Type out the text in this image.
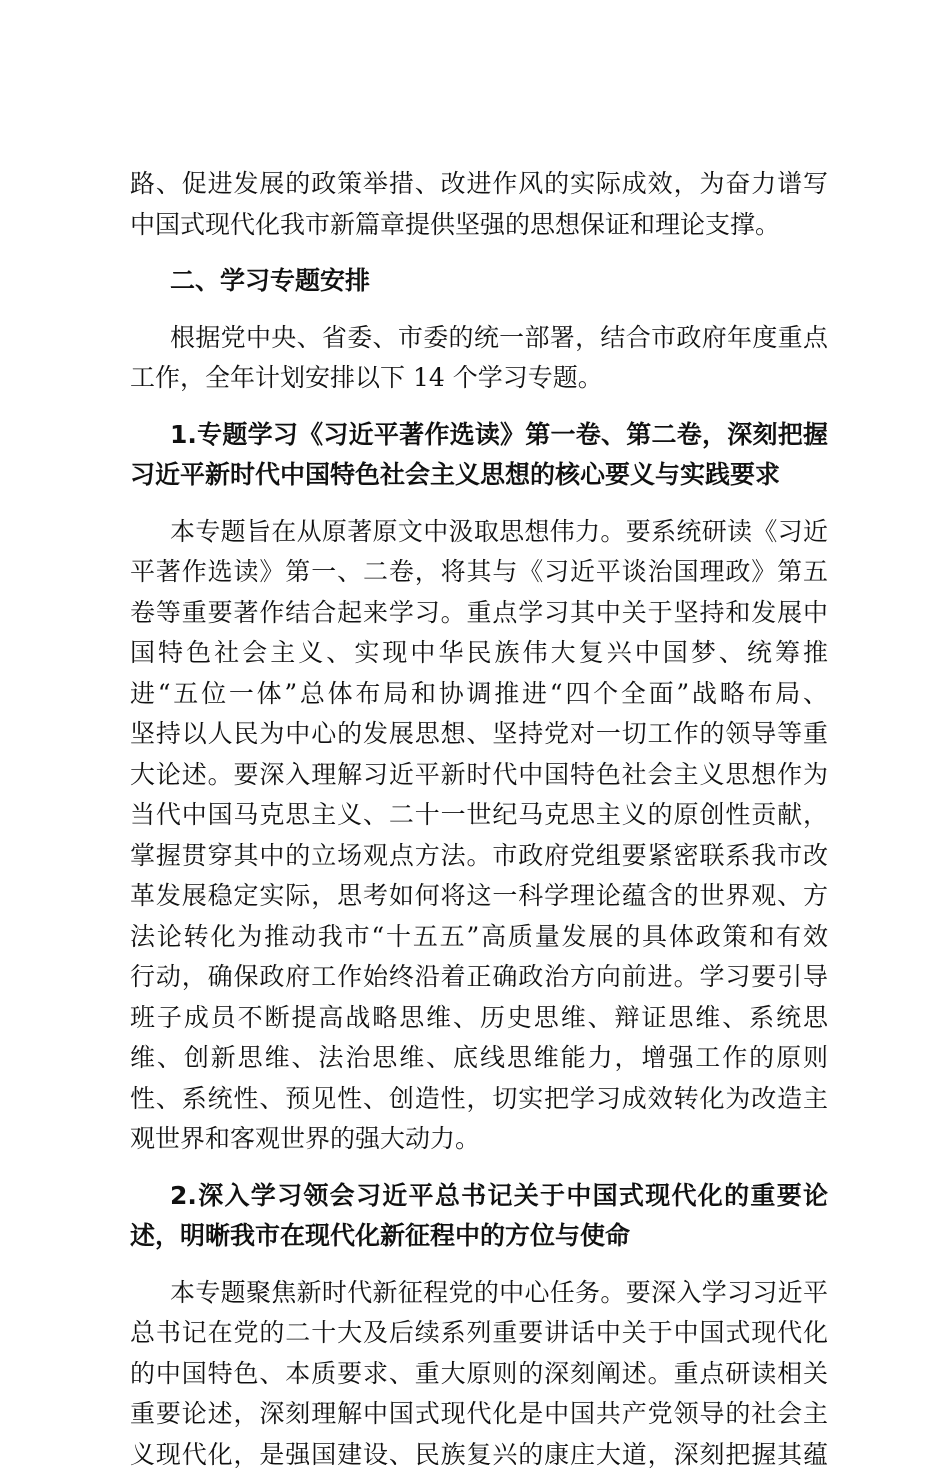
路、促进发展的政策举措、改进作风的实际成效，为奋力谱写
中国式现代化我市新篇章提供坚强的思想保证和理论支撑。
二、学习专题安排
根据党中央、省委、市委的统一部署，结合市政府年度重点
工作，全年计划安排以下 14 个学习专题。
1.专题学习《习近平著作选读》第一卷、第二卷，深刻把握
习近平新时代中国特色社会主义思想的核心要义与实践要求
本专题旨在从原著原文中汲取思想伟力。要系统研读《习近
平著作选读》第一、二卷，将其与《习近平谈治国理政》第五
卷等重要著作结合起来学习。重点学习其中关于坚持和发展中
国特色社会主义、实现中华民族伟大复兴中国梦、统筹推
进“五位一体”总体布局和协调推进“四个全面”战略布局、
坚持以人民为中心的发展思想、坚持党对一切工作的领导等重
大论述。要深入理解习近平新时代中国特色社会主义思想作为
当代中国马克思主义、二十一世纪马克思主义的原创性贡献，
掌握贯穿其中的立场观点方法。市政府党组要紧密联系我市改
革发展稳定实际，思考如何将这一科学理论蕴含的世界观、方
法论转化为推动我市“十五五”高质量发展的具体政策和有效
行动，确保政府工作始终沿着正确政治方向前进。学习要引导
班子成员不断提高战略思维、历史思维、辩证思维、系统思
维、创新思维、法治思维、底线思维能力，增强工作的原则
性、系统性、预见性、创造性，切实把学习成效转化为改造主
观世界和客观世界的强大动力。
2.深入学习领会习近平总书记关于中国式现代化的重要论
述，明晰我市在现代化新征程中的方位与使命
本专题聚焦新时代新征程党的中心任务。要深入学习习近平
总书记在党的二十大及后续系列重要讲话中关于中国式现代化
的中国特色、本质要求、重大原则的深刻阐述。重点研读相关
重要论述，深刻理解中国式现代化是中国共产党领导的社会主
义现代化，是强国建设、民族复兴的康庄大道，深刻把握其蕴
